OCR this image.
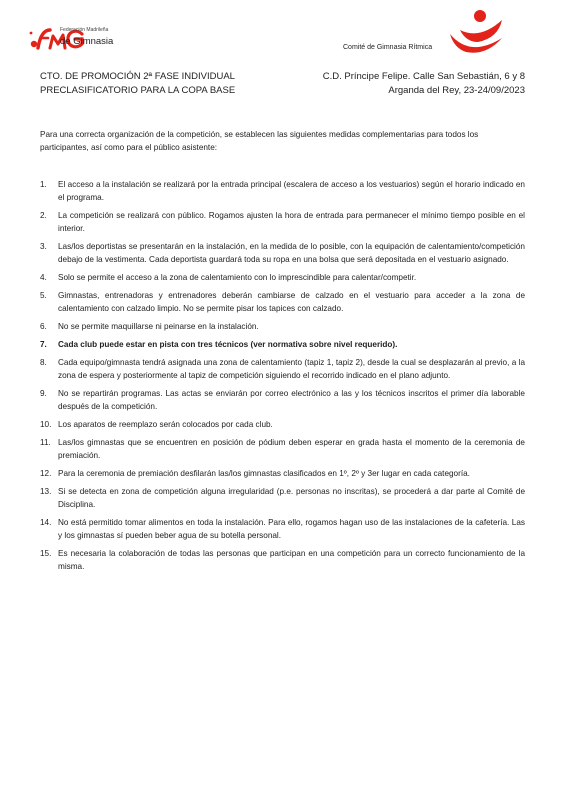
Federación Madrileña
de Gimnasia
Comité de Gimnasia Rítmica
CTO. DE PROMOCIÓN 2ª FASE INDIVIDUAL
PRECLASIFICATORIO PARA LA COPA BASE
C.D. Príncipe Felipe. Calle San Sebastián, 6 y 8
Arganda del Rey, 23-24/09/2023

Para una correcta organización de la competición, se establecen las siguientes medidas complementarias para todos los participantes, así como para el público asistente:

1. El acceso a la instalación se realizará por la entrada principal (escalera de acceso a los vestuarios) según el horario indicado en el programa.
2. La competición se realizará con público. Rogamos ajusten la hora de entrada para permanecer el mínimo tiempo posible en el interior.
3. Las/los deportistas se presentarán en la instalación, en la medida de lo posible, con la equipación de calentamiento/competición debajo de la vestimenta. Cada deportista guardará toda su ropa en una bolsa que será depositada en el vestuario asignado.
4. Solo se permite el acceso a la zona de calentamiento con lo imprescindible para calentar/competir.
5. Gimnastas, entrenadoras y entrenadores deberán cambiarse de calzado en el vestuario para acceder a la zona de calentamiento con calzado limpio. No se permite pisar los tapices con calzado.
6. No se permite maquillarse ni peinarse en la instalación.
7. Cada club puede estar en pista con tres técnicos (ver normativa sobre nivel requerido).
8. Cada equipo/gimnasta tendrá asignada una zona de calentamiento (tapiz 1, tapiz 2), desde la cual se desplazarán al previo, a la zona de espera y posteriormente al tapiz de competición siguiendo el recorrido indicado en el plano adjunto.
9. No se repartirán programas. Las actas se enviarán por correo electrónico a las y los técnicos inscritos el primer día laborable después de la competición.
10. Los aparatos de reemplazo serán colocados por cada club.
11. Las/los gimnastas que se encuentren en posición de pódium deben esperar en grada hasta el momento de la ceremonia de premiación.
12. Para la ceremonia de premiación desfilarán las/los gimnastas clasificados en 1º, 2º y 3er lugar en cada categoría.
13. Si se detecta en zona de competición alguna irregularidad (p.e. personas no inscritas), se procederá a dar parte al Comité de Disciplina.
14. No está permitido tomar alimentos en toda la instalación. Para ello, rogamos hagan uso de las instalaciones de la cafetería. Las y los gimnastas sí pueden beber agua de su botella personal.
15. Es necesaria la colaboración de todas las personas que participan en una competición para un correcto funcionamiento de la misma.
